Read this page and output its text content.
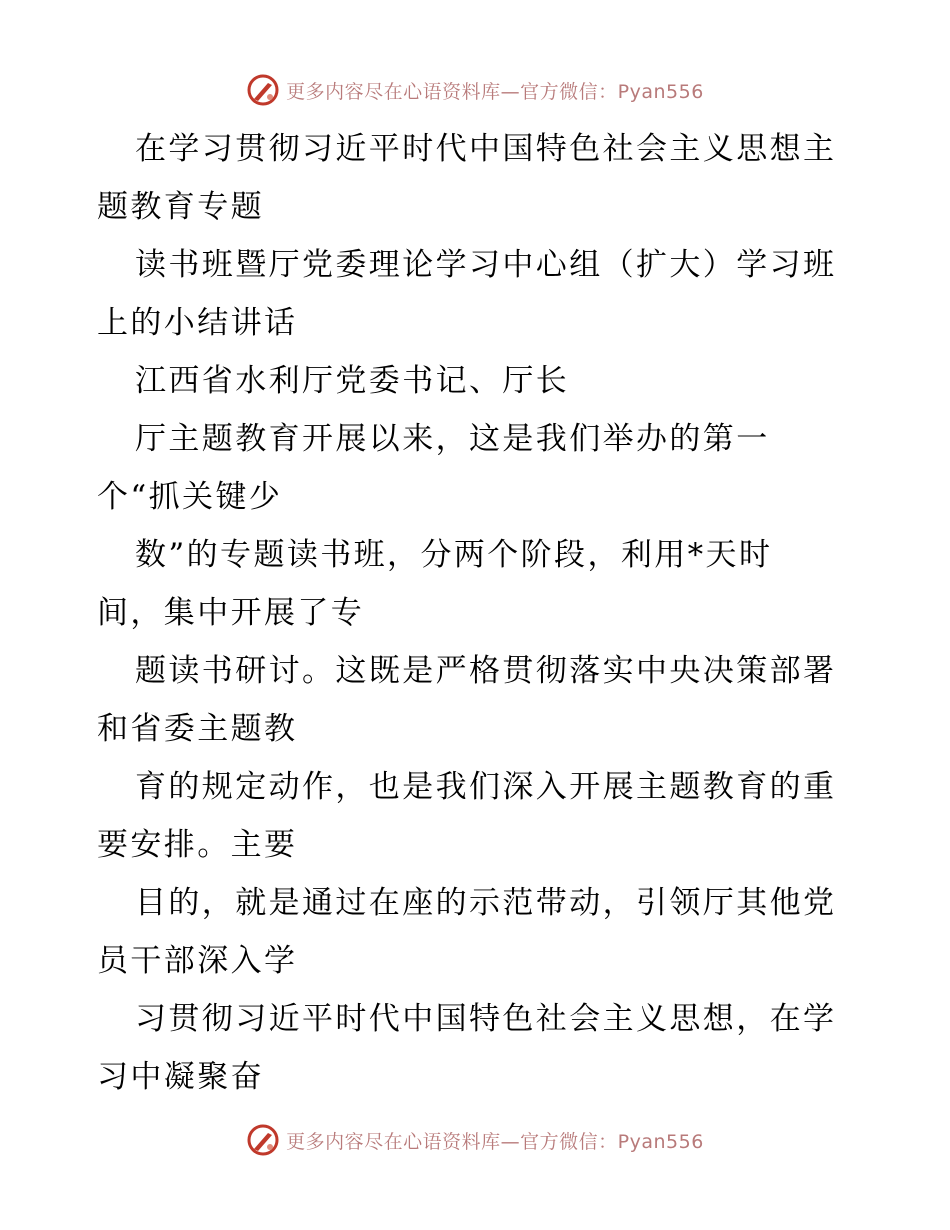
更多内容尽在心语资料库—官方微信：Pyan556

在学习贯彻习近平时代中国特色社会主义思想主

题教育专题

读书班暨厅党委理论学习中心组（扩大）学习班

上的小结讲话

江西省水利厅党委书记、厅长

厅主题教育开展以来，这是我们举办的第一

个“抓关键少

数”的专题读书班，分两个阶段，利用*天时

间，集中开展了专

题读书研讨。这既是严格贯彻落实中央决策部署

和省委主题教

育的规定动作，也是我们深入开展主题教育的重

要安排。主要

目的，就是通过在座的示范带动，引领厅其他党

员干部深入学

习贯彻习近平时代中国特色社会主义思想，在学

习中凝聚奋

更多内容尽在心语资料库—官方微信：Pyan556
